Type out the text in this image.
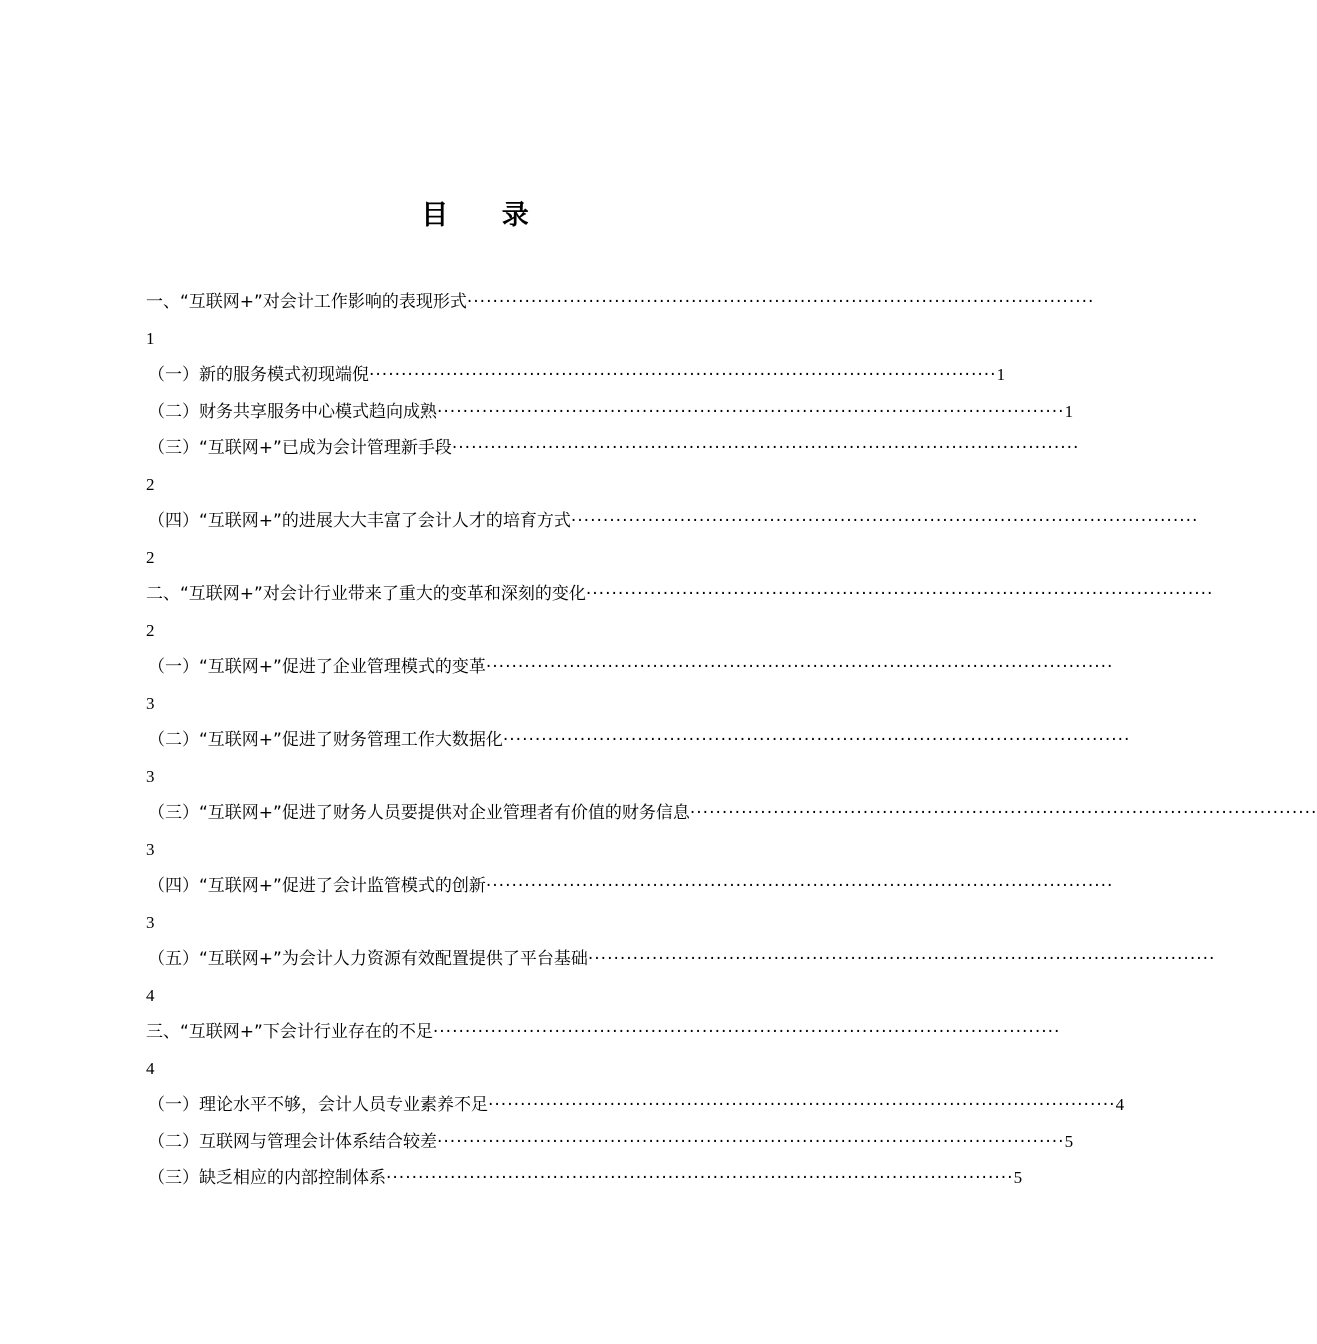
目 录
一、“互联网+”对会计工作影响的表现形式 ··································································································
1
（一）新的服务模式初现端倪 ·································································································· 1
（二）财务共享服务中心模式趋向成熟 ·································································································· 1
（三）“互联网+”已成为会计管理新手段 ··································································································
2
（四）“互联网+”的进展大大丰富了会计人才的培育方式 ··································································································
2
二、“互联网+”对会计行业带来了重大的变革和深刻的变化 ··································································································
2
（一）“互联网+”促进了企业管理模式的变革 ··································································································
3
（二）“互联网+”促进了财务管理工作大数据化 ··································································································
3
（三）“互联网+”促进了财务人员要提供对企业管理者有价值的财务信息 ··································································································
3
（四）“互联网+”促进了会计监管模式的创新 ··································································································
3
（五）“互联网+”为会计人力资源有效配置提供了平台基础 ··································································································
4
三、“互联网+”下会计行业存在的不足 ··································································································
4
（一）理论水平不够，会计人员专业素养不足 ·································································································· 4
（二）互联网与管理会计体系结合较差 ·································································································· 5
（三）缺乏相应的内部控制体系 ·································································································· 5
